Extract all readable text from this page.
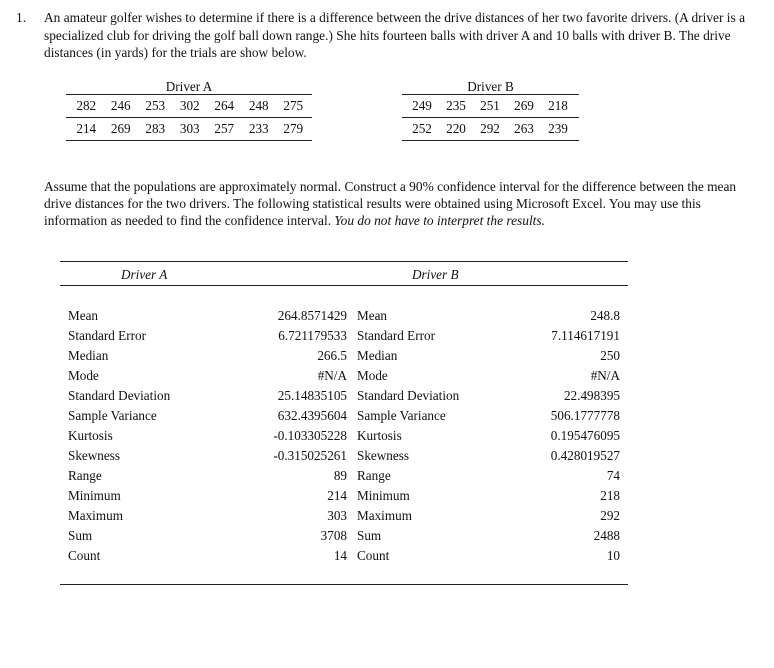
1. An amateur golfer wishes to determine if there is a difference between the drive distances of her two favorite drivers. (A driver is a specialized club for driving the golf ball down range.) She hits fourteen balls with driver A and 10 balls with driver B. The drive distances (in yards) for the trials are show below.
Driver A
282	246	253	302	264	248	275
214	269	283	303	257	233	279
Driver B
249	235	251	269	218
252	220	292	263	239
Assume that the populations are approximately normal. Construct a 90% confidence interval for the difference between the mean drive distances for the two drivers. The following statistical results were obtained using Microsoft Excel. You may use this information as needed to find the confidence interval. You do not have to interpret the results.
Driver A	Driver B
Mean	264.8571429 Mean	248.8
Standard Error	6.721179533 Standard Error	7.114617191
Median	266.5 Median	250
Mode	#N/A Mode	#N/A
Standard Deviation	25.14835105 Standard Deviation	22.498395
Sample Variance	632.4395604 Sample Variance	506.1777778
Kurtosis	-0.103305228 Kurtosis	0.195476095
Skewness	-0.315025261 Skewness	0.428019527
Range	89 Range	74
Minimum	214 Minimum	218
Maximum	303 Maximum	292
Sum	3708 Sum	2488
Count	14 Count	10
